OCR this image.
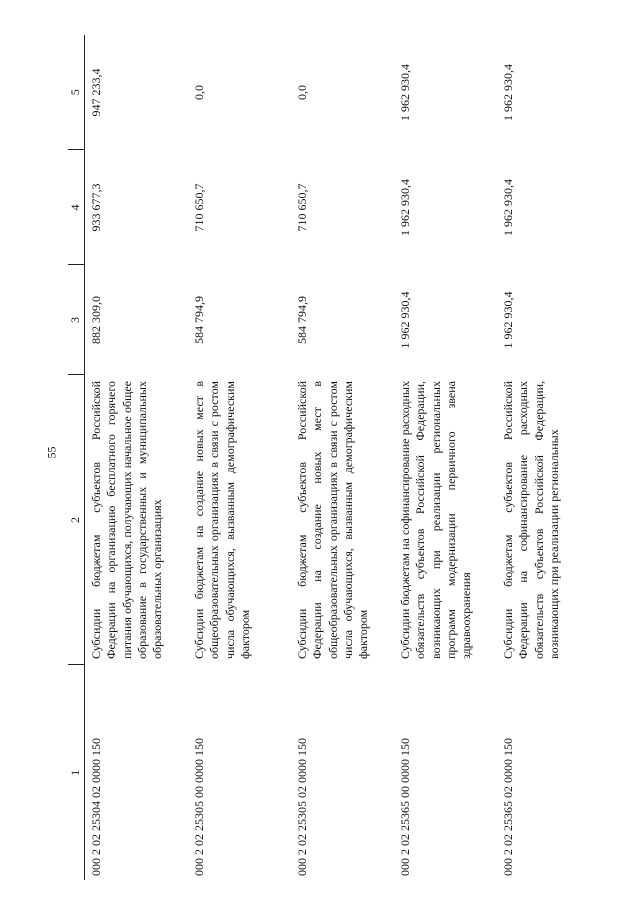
55
1	2	3	4	5
000 2 02 25304 02 0000 150	Субсидии бюджетам субъектов Российской Федерации на организацию бесплатного горячего питания обучающихся, получающих начальное общее образование в государственных и муниципальных образовательных организациях	882 309,0	933 677,3	947 233,4
000 2 02 25305 00 0000 150	Субсидии бюджетам на создание новых мест в общеобразовательных организациях в связи с ростом числа обучающихся, вызванным демографическим фактором	584 794,9	710 650,7	0,0
000 2 02 25305 02 0000 150	Субсидии бюджетам субъектов Российской Федерации на создание новых мест в общеобразовательных организациях в связи с ростом числа обучающихся, вызванным демографическим фактором	584 794,9	710 650,7	0,0
000 2 02 25365 00 0000 150	Субсидии бюджетам на софинансирование расходных обязательств субъектов Российской Федерации, возникающих при реализации региональных программ модернизации первичного звена здравоохранения	1 962 930,4	1 962 930,4	1 962 930,4
000 2 02 25365 02 0000 150	Субсидии бюджетам субъектов Российской Федерации на софинансирование расходных обязательств субъектов Российской Федерации, возникающих при реализации региональных	1 962 930,4	1 962 930,4	1 962 930,4
